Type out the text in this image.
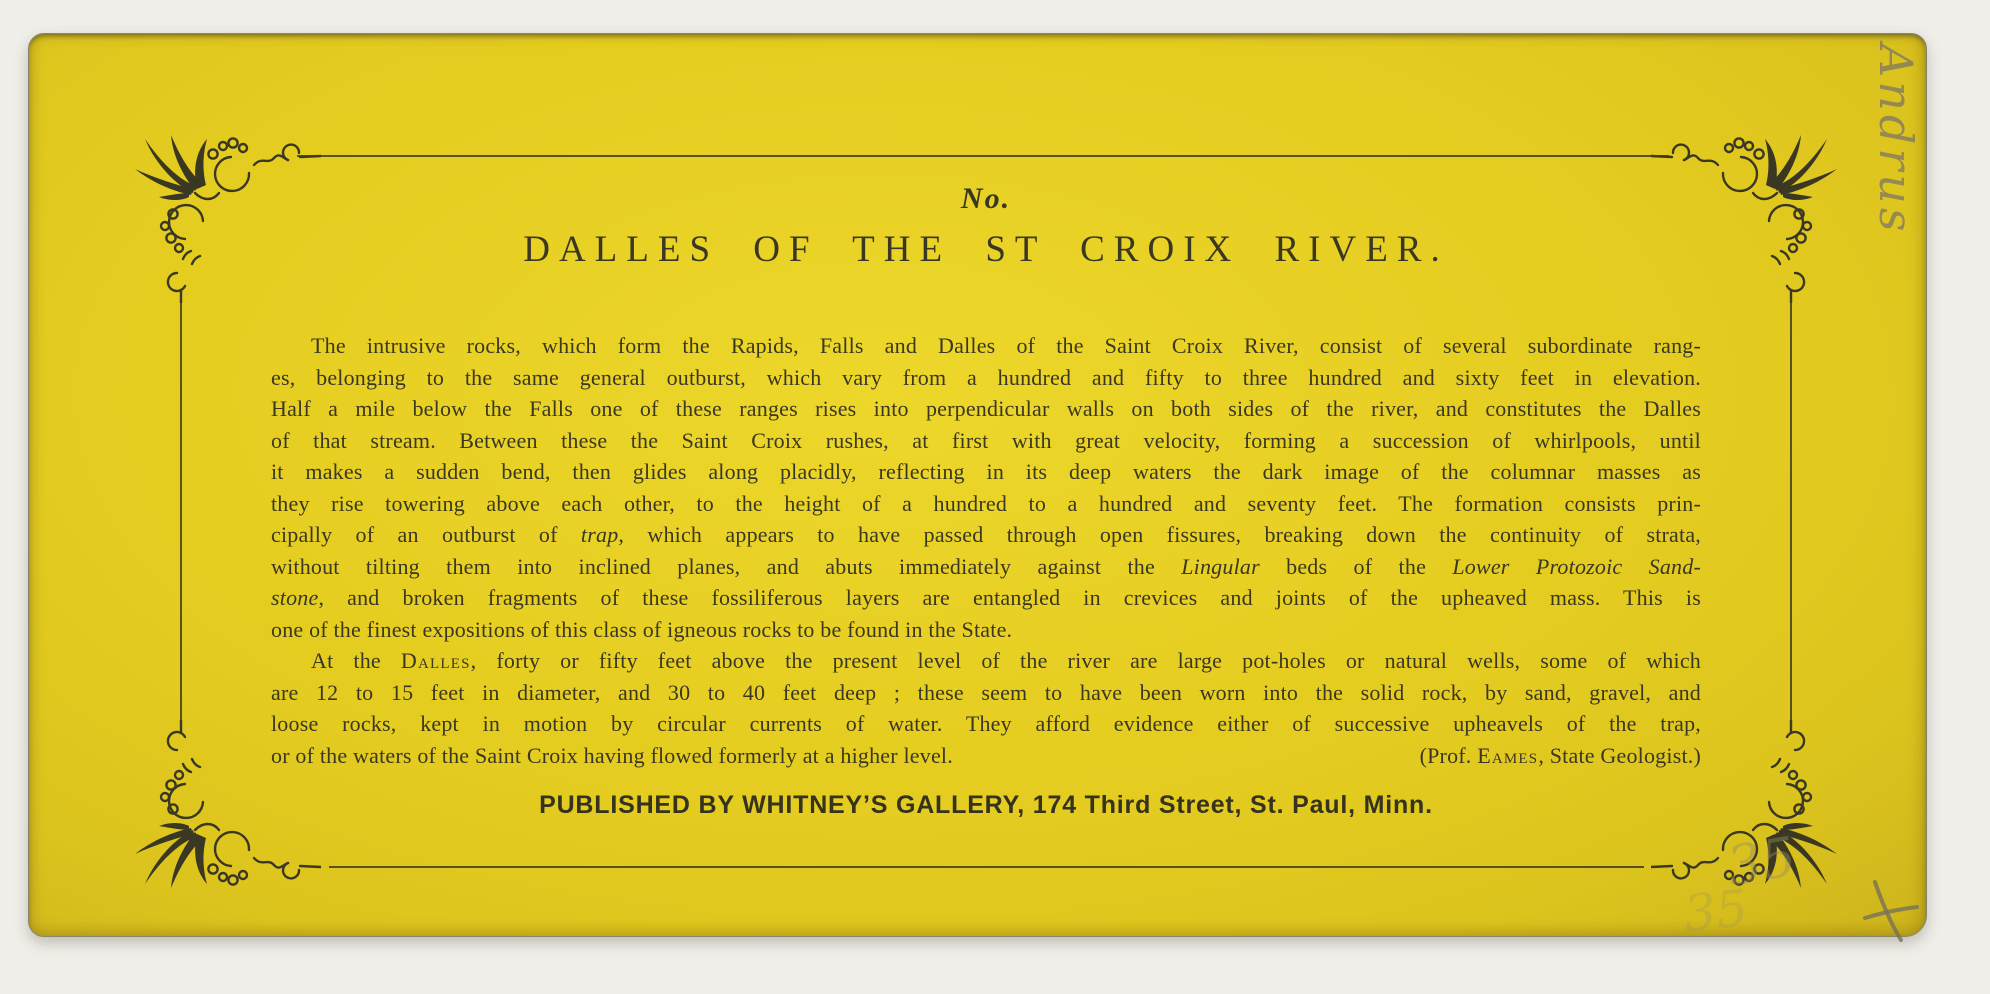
No.
DALLES OF THE ST CROIX RIVER.
The intrusive rocks, which form the Rapids, Falls and Dalles of the Saint Croix River, consist of several subordinate rang-
es, belonging to the same general outburst, which vary from a hundred and fifty to three hundred and sixty feet in elevation.
Half a mile below the Falls one of these ranges rises into perpendicular walls on both sides of the river, and constitutes the Dalles
of that stream. Between these the Saint Croix rushes, at first with great velocity, forming a succession of whirlpools, until
it makes a sudden bend, then glides along placidly, reflecting in its deep waters the dark image of the columnar masses as
they rise towering above each other, to the height of a hundred to a hundred and seventy feet. The formation consists prin-
cipally of an outburst of trap, which appears to have passed through open fissures, breaking down the continuity of strata,
without tilting them into inclined planes, and abuts immediately against the Lingular beds of the Lower Protozoic Sand-
stone, and broken fragments of these fossiliferous layers are entangled in crevices and joints of the upheaved mass. This is
one of the finest expositions of this class of igneous rocks to be found in the State.
At the Dalles, forty or fifty feet above the present level of the river are large pot-holes or natural wells, some of which
are 12 to 15 feet in diameter, and 30 to 40 feet deep ; these seem to have been worn into the solid rock, by sand, gravel, and
loose rocks, kept in motion by circular currents of water. They afford evidence either of successive upheavels of the trap,
or of the waters of the Saint Croix having flowed formerly at a higher level.	(Prof. Eames, State Geologist.)
PUBLISHED BY WHITNEY’S GALLERY, 174 Third Street, St. Paul, Minn.
Andrus
35
35
